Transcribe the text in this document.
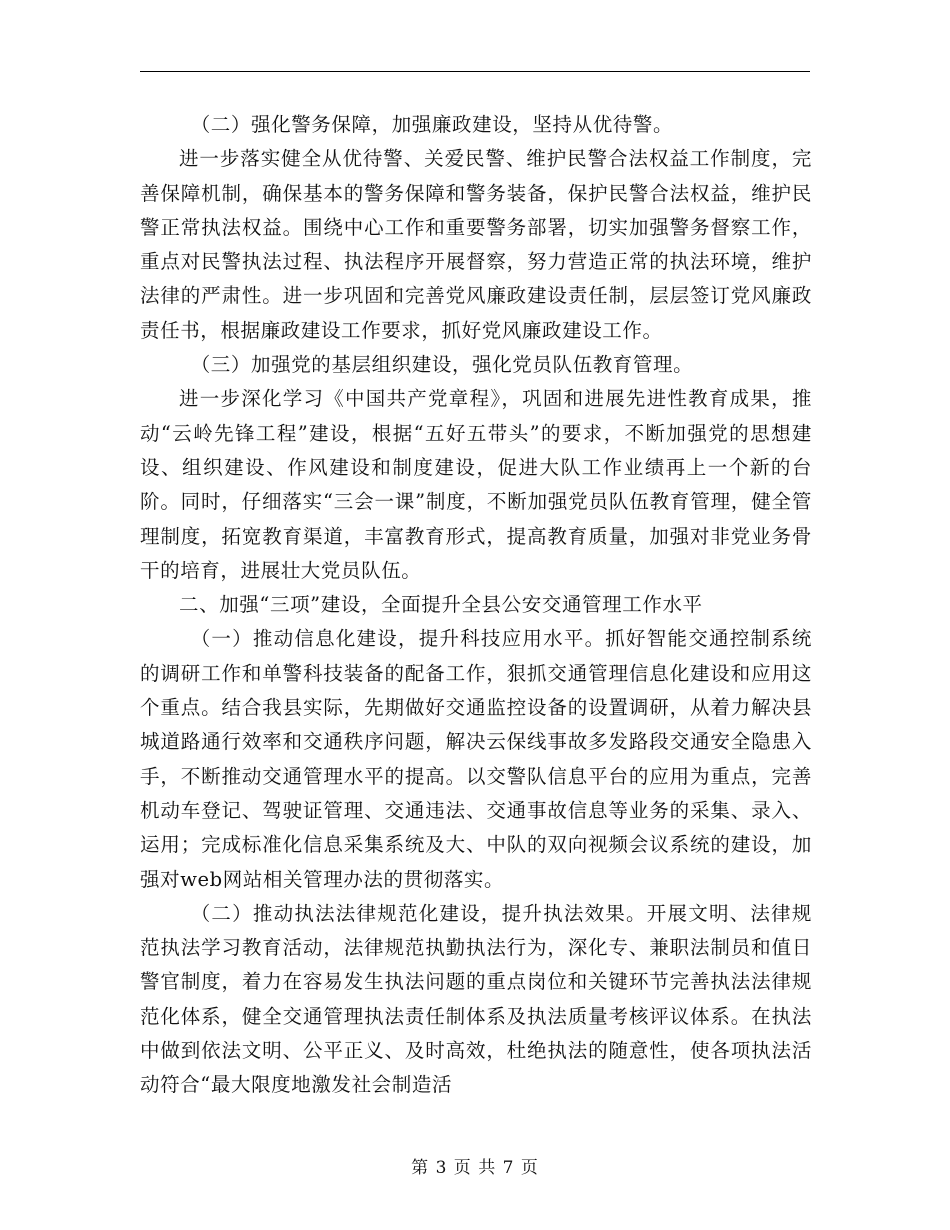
（二）强化警务保障，加强廉政建设，坚持从优待警。

进一步落实健全从优待警、关爱民警、维护民警合法权益工作制度，完善保障机制，确保基本的警务保障和警务装备，保护民警合法权益，维护民警正常执法权益。围绕中心工作和重要警务部署，切实加强警务督察工作，重点对民警执法过程、执法程序开展督察，努力营造正常的执法环境，维护法律的严肃性。进一步巩固和完善党风廉政建设责任制，层层签订党风廉政责任书，根据廉政建设工作要求，抓好党风廉政建设工作。

（三）加强党的基层组织建设，强化党员队伍教育管理。

进一步深化学习《中国共产党章程》，巩固和进展先进性教育成果，推动“云岭先锋工程”建设，根据“五好五带头”的要求，不断加强党的思想建设、组织建设、作风建设和制度建设，促进大队工作业绩再上一个新的台阶。同时，仔细落实“三会一课”制度，不断加强党员队伍教育管理，健全管理制度，拓宽教育渠道，丰富教育形式，提高教育质量，加强对非党业务骨干的培育，进展壮大党员队伍。

二、加强“三项”建设，全面提升全县公安交通管理工作水平

（一）推动信息化建设，提升科技应用水平。抓好智能交通控制系统的调研工作和单警科技装备的配备工作，狠抓交通管理信息化建设和应用这个重点。结合我县实际，先期做好交通监控设备的设置调研，从着力解决县城道路通行效率和交通秩序问题，解决云保线事故多发路段交通安全隐患入手，不断推动交通管理水平的提高。以交警队信息平台的应用为重点，完善机动车登记、驾驶证管理、交通违法、交通事故信息等业务的采集、录入、运用；完成标准化信息采集系统及大、中队的双向视频会议系统的建设，加强对web网站相关管理办法的贯彻落实。

（二）推动执法法律规范化建设，提升执法效果。开展文明、法律规范执法学习教育活动，法律规范执勤执法行为，深化专、兼职法制员和值日警官制度，着力在容易发生执法问题的重点岗位和关键环节完善执法法律规范化体系，健全交通管理执法责任制体系及执法质量考核评议体系。在执法中做到依法文明、公平正义、及时高效，杜绝执法的随意性，使各项执法活动符合“最大限度地激发社会制造活

第 3 页 共 7 页
